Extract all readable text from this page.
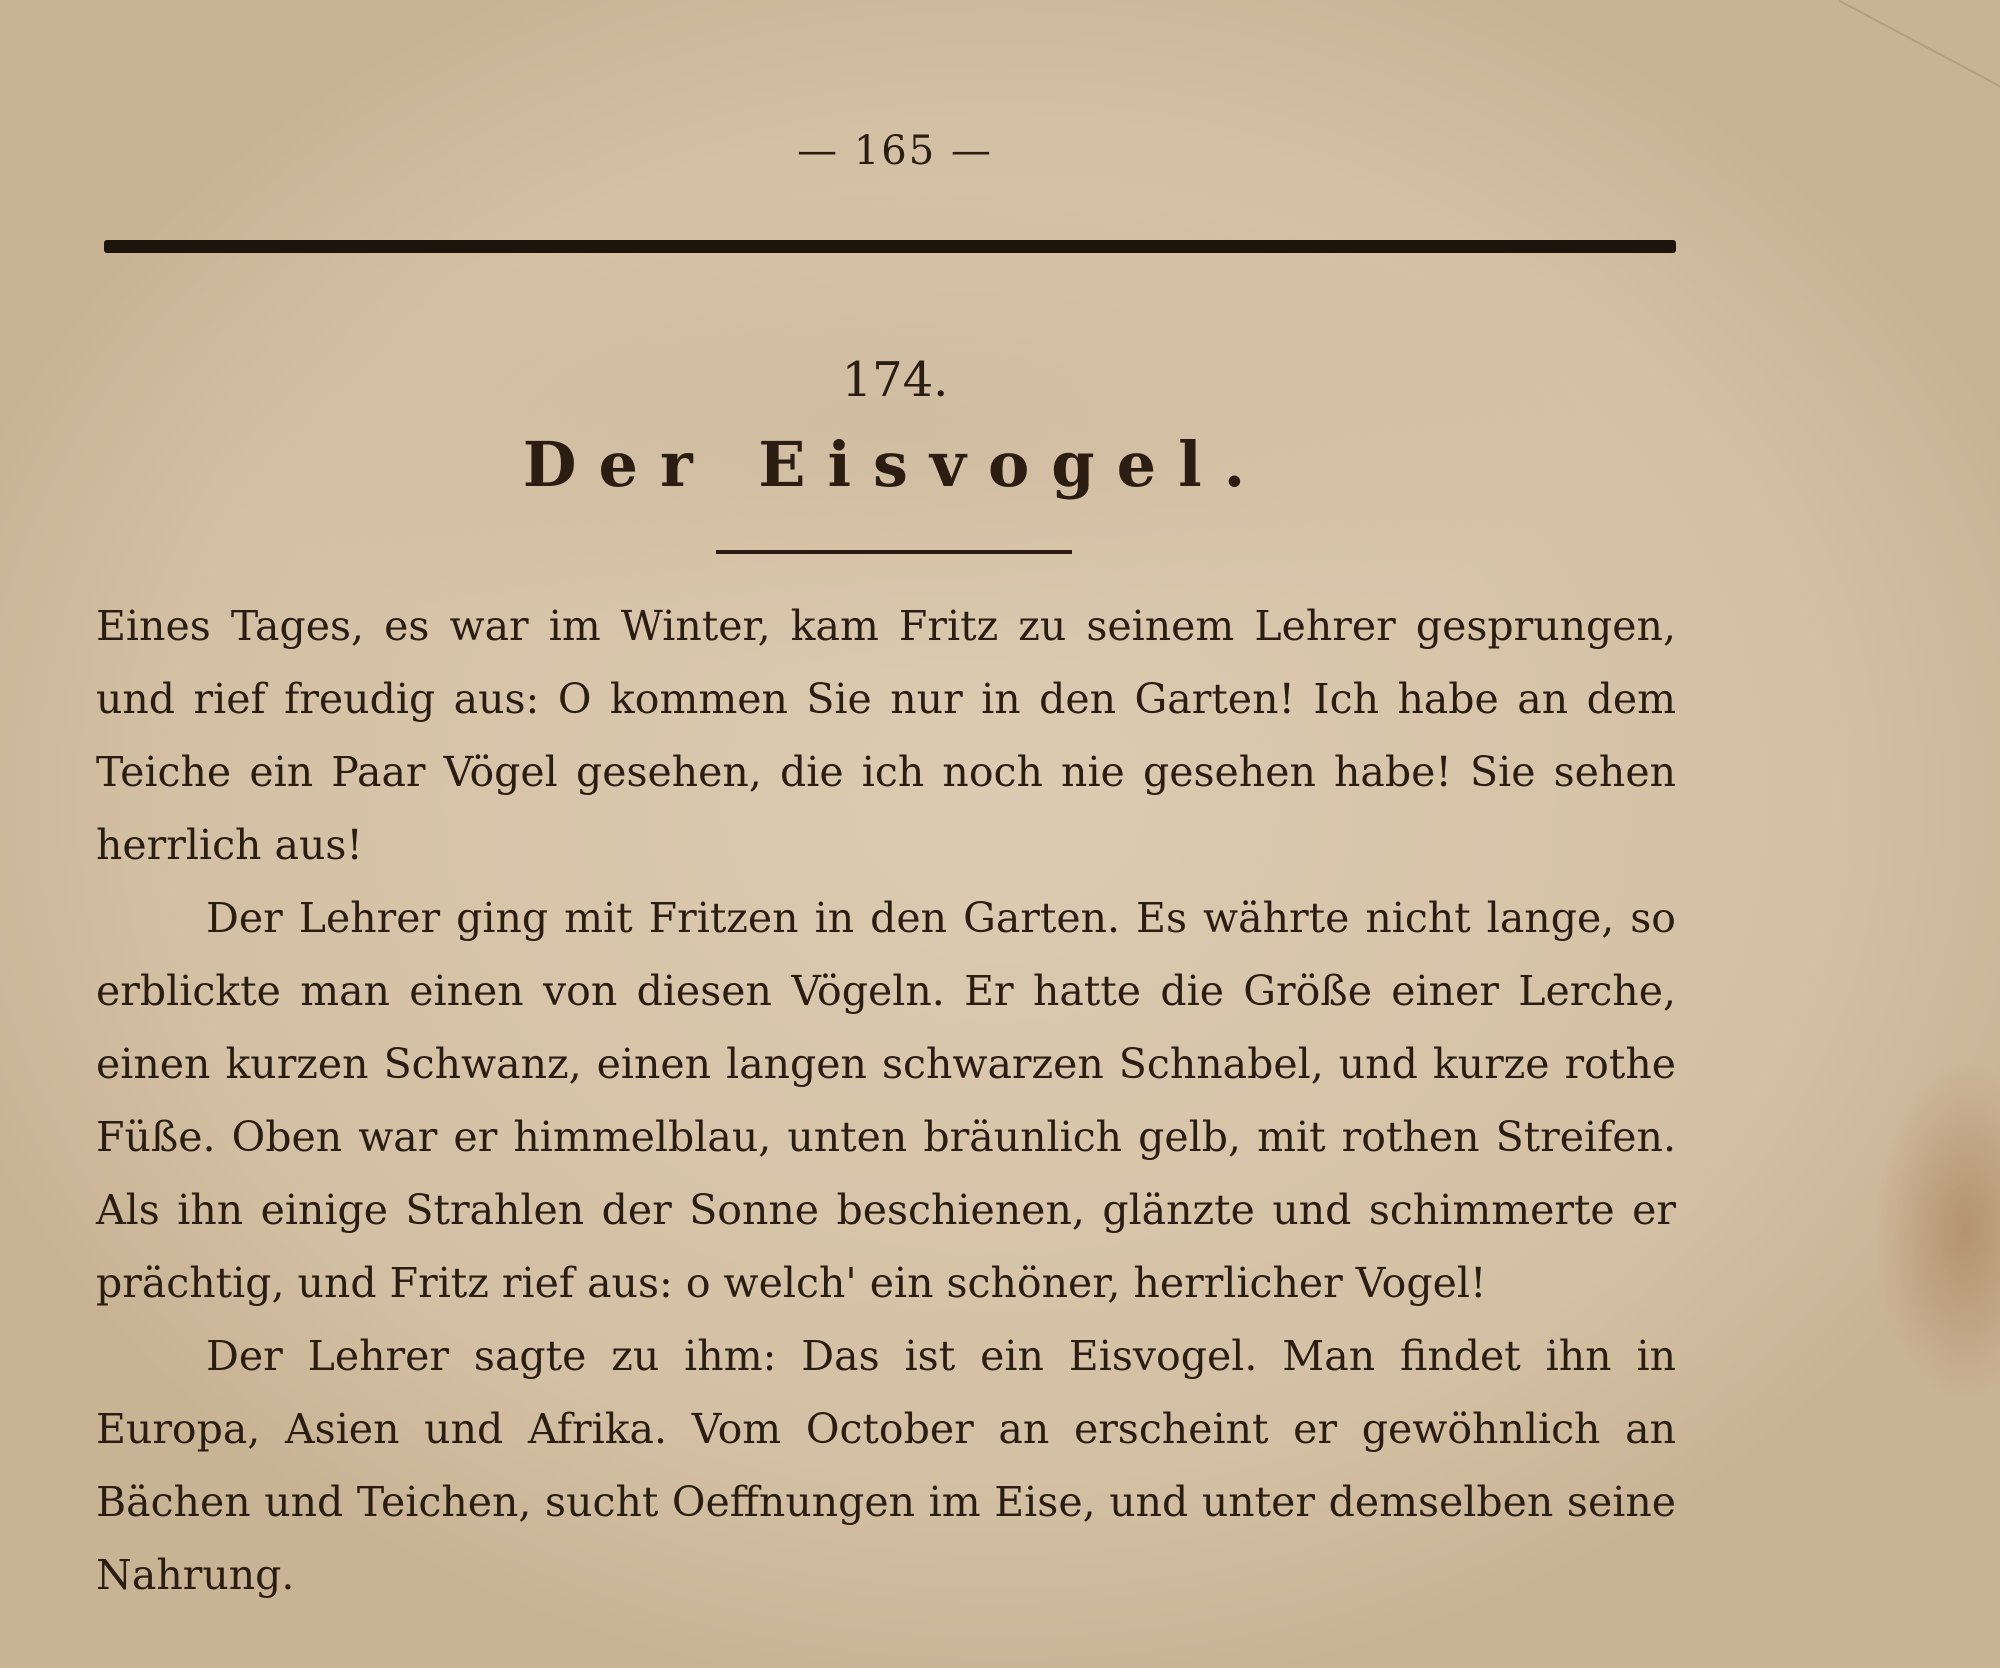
— 165 —
174.
Der Eisvogel.

Eines Tages, es war im Winter, kam Fritz zu seinem Lehrer gesprungen, und rief freudig aus: O kommen Sie nur in den Garten! Ich habe an dem Teiche ein Paar Vögel gesehen, die ich noch nie gesehen habe! Sie sehen herrlich aus!

Der Lehrer ging mit Fritzen in den Garten. Es währte nicht lange, so erblickte man einen von diesen Vögeln. Er hatte die Größe einer Lerche, einen kurzen Schwanz, einen langen schwarzen Schnabel, und kurze rothe Füße. Oben war er himmelblau, unten bräunlich gelb, mit rothen Streifen. Als ihn einige Strahlen der Sonne beschienen, glänzte und schimmerte er prächtig, und Fritz rief aus: o welch' ein schöner, herrlicher Vogel!

Der Lehrer sagte zu ihm: Das ist ein Eisvogel. Man findet ihn in Europa, Asien und Afrika. Vom October an erscheint er gewöhnlich an Bächen und Teichen, sucht Oeffnungen im Eise, und unter demselben seine Nahrung.
